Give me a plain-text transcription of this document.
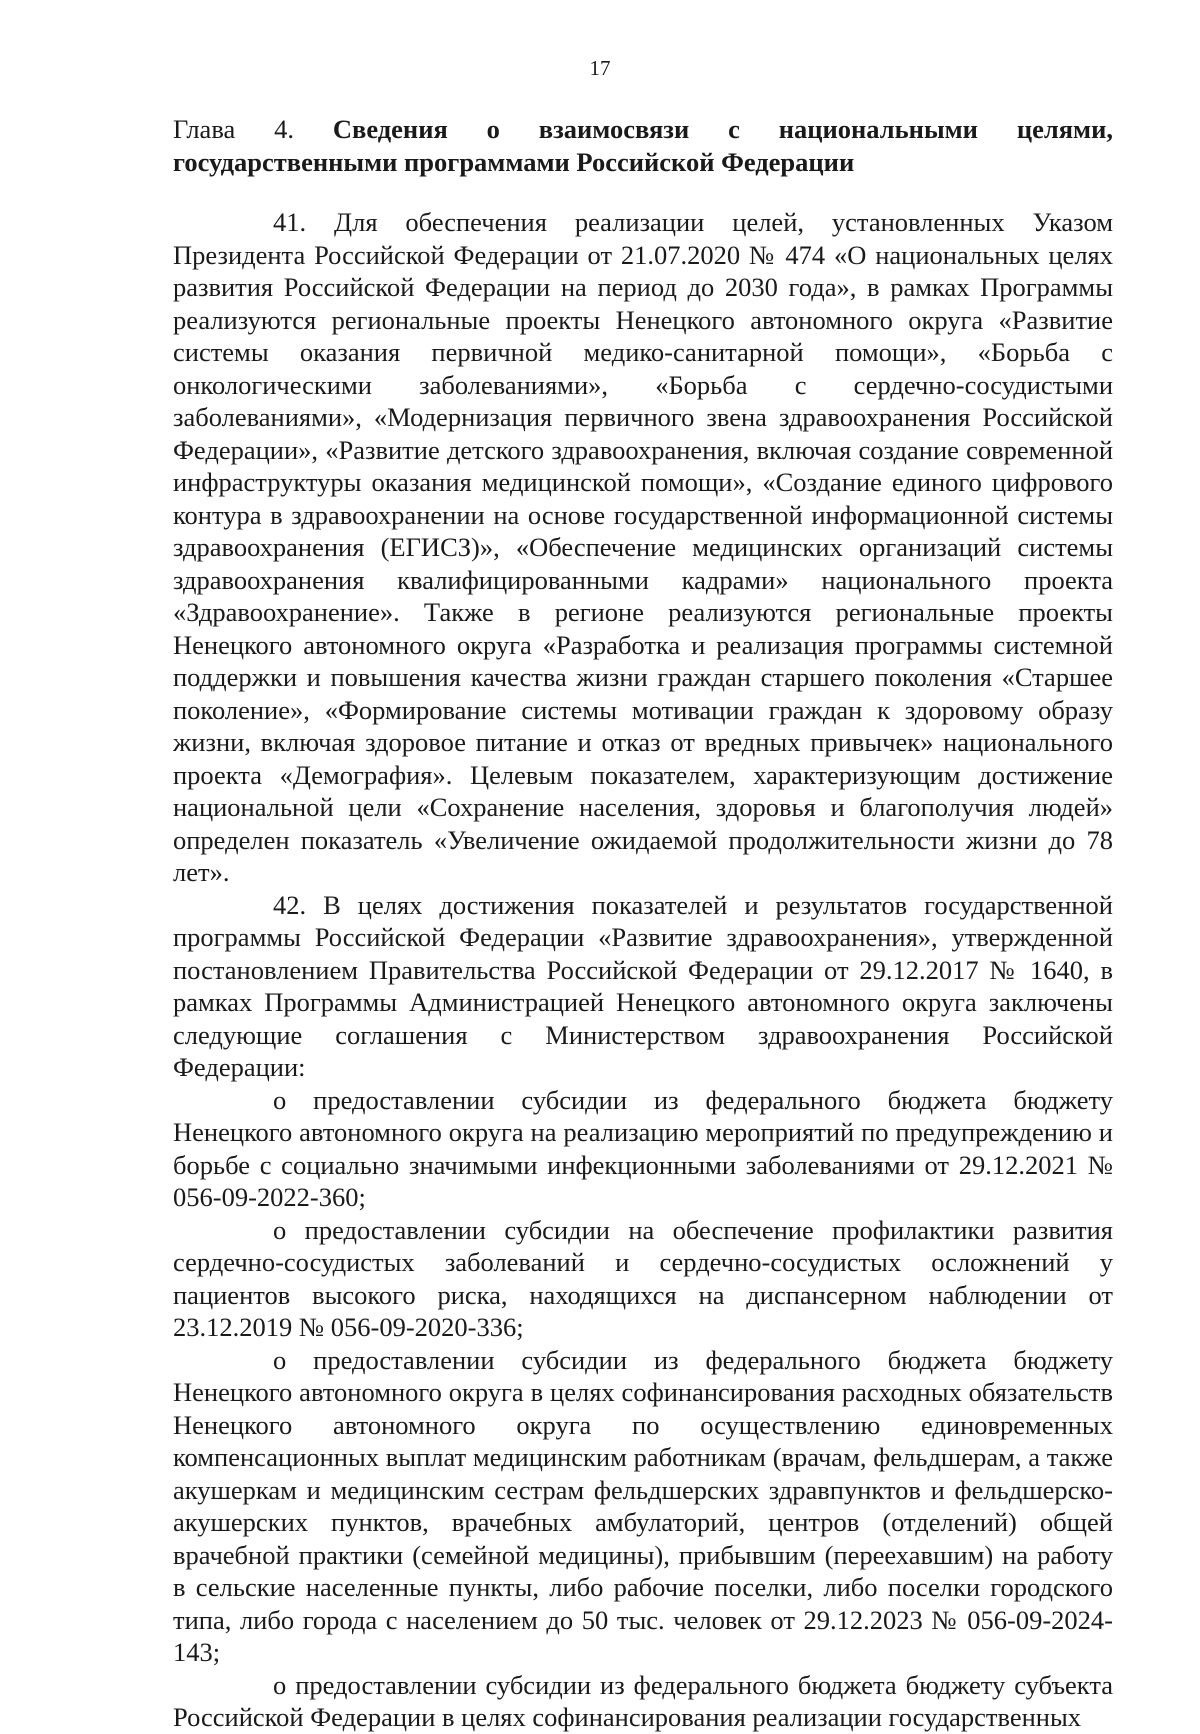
17

Глава 4. Сведения о взаимосвязи с национальными целями, государственными программами Российской Федерации

41. Для обеспечения реализации целей, установленных Указом Президента Российской Федерации от 21.07.2020 № 474 «О национальных целях развития Российской Федерации на период до 2030 года», в рамках Программы реализуются региональные проекты Ненецкого автономного округа «Развитие системы оказания первичной медико-санитарной помощи», «Борьба с онкологическими заболеваниями», «Борьба с сердечно-сосудистыми заболеваниями», «Модернизация первичного звена здравоохранения Российской Федерации», «Развитие детского здравоохранения, включая создание современной инфраструктуры оказания медицинской помощи», «Создание единого цифрового контура в здравоохранении на основе государственной информационной системы здравоохранения (ЕГИСЗ)», «Обеспечение медицинских организаций системы здравоохранения квалифицированными кадрами» национального проекта «Здравоохранение». Также в регионе реализуются региональные проекты Ненецкого автономного округа «Разработка и реализация программы системной поддержки и повышения качества жизни граждан старшего поколения «Старшее поколение», «Формирование системы мотивации граждан к здоровому образу жизни, включая здоровое питание и отказ от вредных привычек» национального проекта «Демография». Целевым показателем, характеризующим достижение национальной цели «Сохранение населения, здоровья и благополучия людей» определен показатель «Увеличение ожидаемой продолжительности жизни до 78 лет».

42. В целях достижения показателей и результатов государственной программы Российской Федерации «Развитие здравоохранения», утвержденной постановлением Правительства Российской Федерации от 29.12.2017 № 1640, в рамках Программы Администрацией Ненецкого автономного округа заключены следующие соглашения с Министерством здравоохранения Российской Федерации:

о предоставлении субсидии из федерального бюджета бюджету Ненецкого автономного округа на реализацию мероприятий по предупреждению и борьбе с социально значимыми инфекционными заболеваниями от 29.12.2021 № 056-09-2022-360;

о предоставлении субсидии на обеспечение профилактики развития сердечно-сосудистых заболеваний и сердечно-сосудистых осложнений у пациентов высокого риска, находящихся на диспансерном наблюдении от 23.12.2019 № 056-09-2020-336;

о предоставлении субсидии из федерального бюджета бюджету Ненецкого автономного округа в целях софинансирования расходных обязательств Ненецкого автономного округа по осуществлению единовременных компенсационных выплат медицинским работникам (врачам, фельдшерам, а также акушеркам и медицинским сестрам фельдшерских здравпунктов и фельдшерско-акушерских пунктов, врачебных амбулаторий, центров (отделений) общей врачебной практики (семейной медицины), прибывшим (переехавшим) на работу в сельские населенные пункты, либо рабочие поселки, либо поселки городского типа, либо города с населением до 50 тыс. человек от 29.12.2023 № 056-09-2024-143;

о предоставлении субсидии из федерального бюджета бюджету субъекта Российской Федерации в целях софинансирования реализации государственных
